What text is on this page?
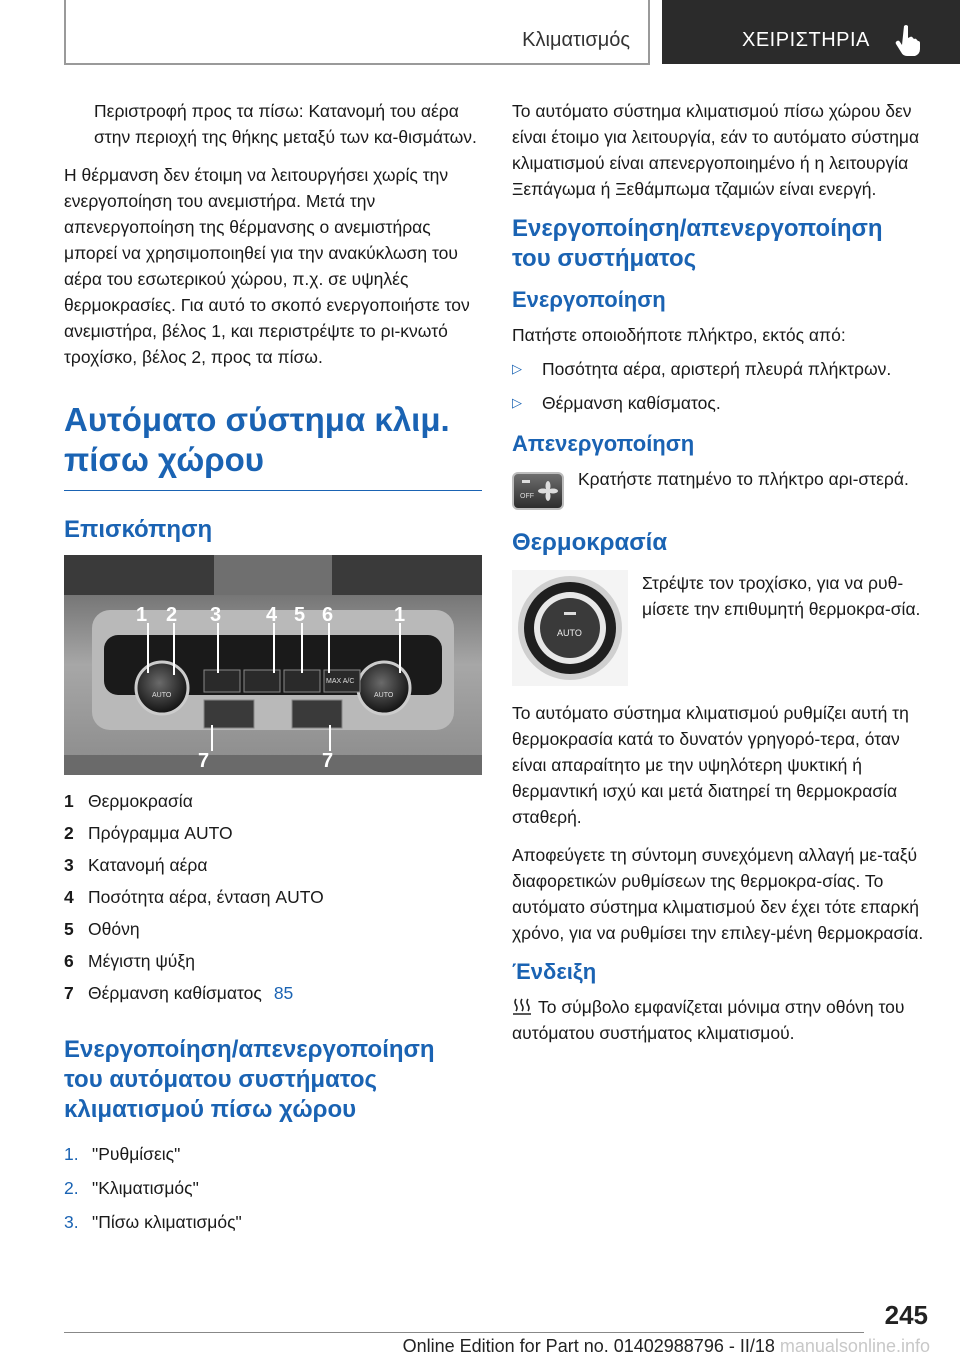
Κλιματισμός	ΧΕΙΡΙΣΤΗΡΙΑ

Περιστροφή προς τα πίσω: Κατανομή του αέρα στην περιοχή της θήκης μεταξύ των κα-θισμάτων.

Η θέρμανση δεν έτοιμη να λειτουργήσει χωρίς την ενεργοποίηση του ανεμιστήρα. Μετά την απενεργοποίηση της θέρμανσης ο ανεμιστήρας μπορεί να χρησιμοποιηθεί για την ανακύκλωση του αέρα του εσωτερικού χώρου, π.χ. σε υψηλές θερμοκρασίες. Για αυτό το σκοπό ενεργοποιήστε τον ανεμιστήρα, βέλος 1, και περιστρέψτε το ρι-κνωτό τροχίσκο, βέλος 2, προς τα πίσω.

Αυτόματο σύστημα κλιμ.
πίσω χώρου
Επισκόπηση
1 2 3 4 5 6	1
7	7
AUTO	AUTO
MAX A/C
1 Θερμοκρασία
2 Πρόγραμμα AUTO
3 Κατανομή αέρα
4 Ποσότητα αέρα, ένταση AUTO
5 Οθόνη
6 Μέγιστη ψύξη
7 Θέρμανση καθίσματος 85
Ενεργοποίηση/απενεργοποίηση
του αυτόματου συστήματος
κλιματισμού πίσω χώρου
1. "Ρυθμίσεις"
2. "Κλιματισμός"
3. "Πίσω κλιματισμός"

Το αυτόματο σύστημα κλιματισμού πίσω χώρου δεν είναι έτοιμο για λειτουργία, εάν το αυτόματο σύστημα κλιματισμού είναι απενεργοποιημένο ή η λειτουργία Ξεπάγωμα ή Ξεθάμπωμα τζαμιών είναι ενεργή.

Ενεργοποίηση/απενεργοποίηση
του συστήματος
Ενεργοποίηση

Πατήστε οποιοδήποτε πλήκτρο, εκτός από:

▷	Ποσότητα αέρα, αριστερή πλευρά πλήκτρων.
▷	Θέρμανση καθίσματος.
Απενεργοποίηση
OFF
Κρατήστε πατημένο το πλήκτρο αρι-στερά.
Θερμοκρασία
AUTO
Στρέψτε τον τροχίσκο, για να ρυθ-μίσετε την επιθυμητή θερμοκρα-σία.

Το αυτόματο σύστημα κλιματισμού ρυθμίζει αυτή τη θερμοκρασία κατά το δυνατόν γρηγορό-τερα, όταν είναι απαραίτητο με την υψηλότερη ψυκτική ή θερμαντική ισχύ και μετά διατηρεί τη θερμοκρασία σταθερή.

Αποφεύγετε τη σύντομη συνεχόμενη αλλαγή με-ταξύ διαφορετικών ρυθμίσεων της θερμοκρα-σίας. Το αυτόματο σύστημα κλιματισμού δεν έχει τότε επαρκή χρόνο, για να ρυθμίσει την επιλεγ-μένη θερμοκρασία.

Ένδειξη

Το σύμβολο εμφανίζεται μόνιμα στην οθόνη του αυτόματου συστήματος κλιματισμού.

245
Online Edition for Part no. 01402988796 - II/18 manualsonline.info
